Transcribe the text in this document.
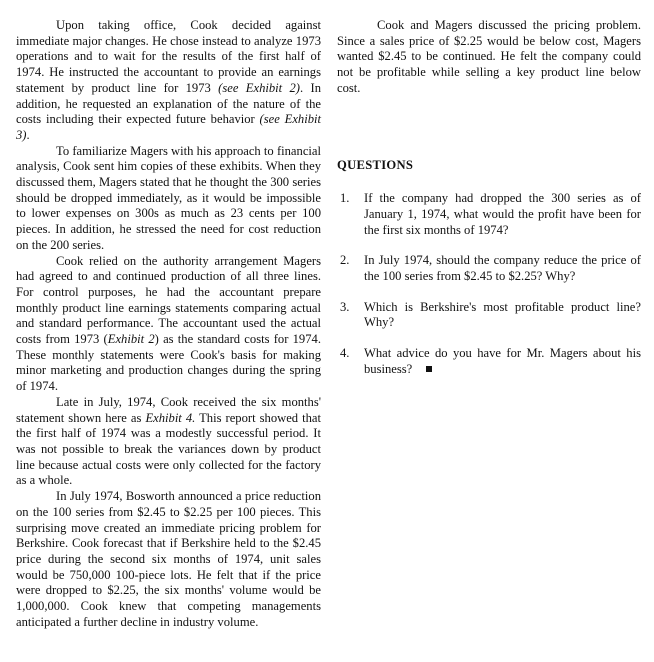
Upon taking office, Cook decided against immediate major changes. He chose instead to analyze 1973 operations and to wait for the results of the first half of 1974. He instructed the accountant to provide an earnings statement by product line for 1973 (see Exhibit 2). In addition, he requested an explanation of the nature of the costs including their expected future behavior (see Exhibit 3).

To familiarize Magers with his approach to financial analysis, Cook sent him copies of these exhibits. When they discussed them, Magers stated that he thought the 300 series should be dropped immediately, as it would be impossible to lower expenses on 300s as much as 23 cents per 100 pieces. In addition, he stressed the need for cost reduction on the 200 series.

Cook relied on the authority arrangement Magers had agreed to and continued production of all three lines. For control purposes, he had the accountant prepare monthly product line earnings statements comparing actual and standard performance. The accountant used the actual costs from 1973 (Exhibit 2) as the standard costs for 1974. These monthly statements were Cook's basis for making minor marketing and production changes during the spring of 1974.

Late in July, 1974, Cook received the six months' statement shown here as Exhibit 4. This report showed that the first half of 1974 was a modestly successful period. It was not possible to break the variances down by product line because actual costs were only collected for the factory as a whole.

In July 1974, Bosworth announced a price reduction on the 100 series from $2.45 to $2.25 per 100 pieces. This surprising move created an immediate pricing problem for Berkshire. Cook forecast that if Berkshire held to the $2.45 price during the second six months of 1974, unit sales would be 750,000 100-piece lots. He felt that if the price were dropped to $2.25, the six months' volume would be 1,000,000. Cook knew that competing managements anticipated a further decline in industry volume.

Cook and Magers discussed the pricing problem. Since a sales price of $2.25 would be below cost, Magers wanted $2.45 to be continued. He felt the company could not be profitable while selling a key product line below cost.

QUESTIONS
1. If the company had dropped the 300 series as of January 1, 1974, what would the profit have been for the first six months of 1974?
2. In July 1974, should the company reduce the price of the 100 series from $2.45 to $2.25? Why?
3. Which is Berkshire's most profitable product line? Why?
4. What advice do you have for Mr. Magers about his business?
